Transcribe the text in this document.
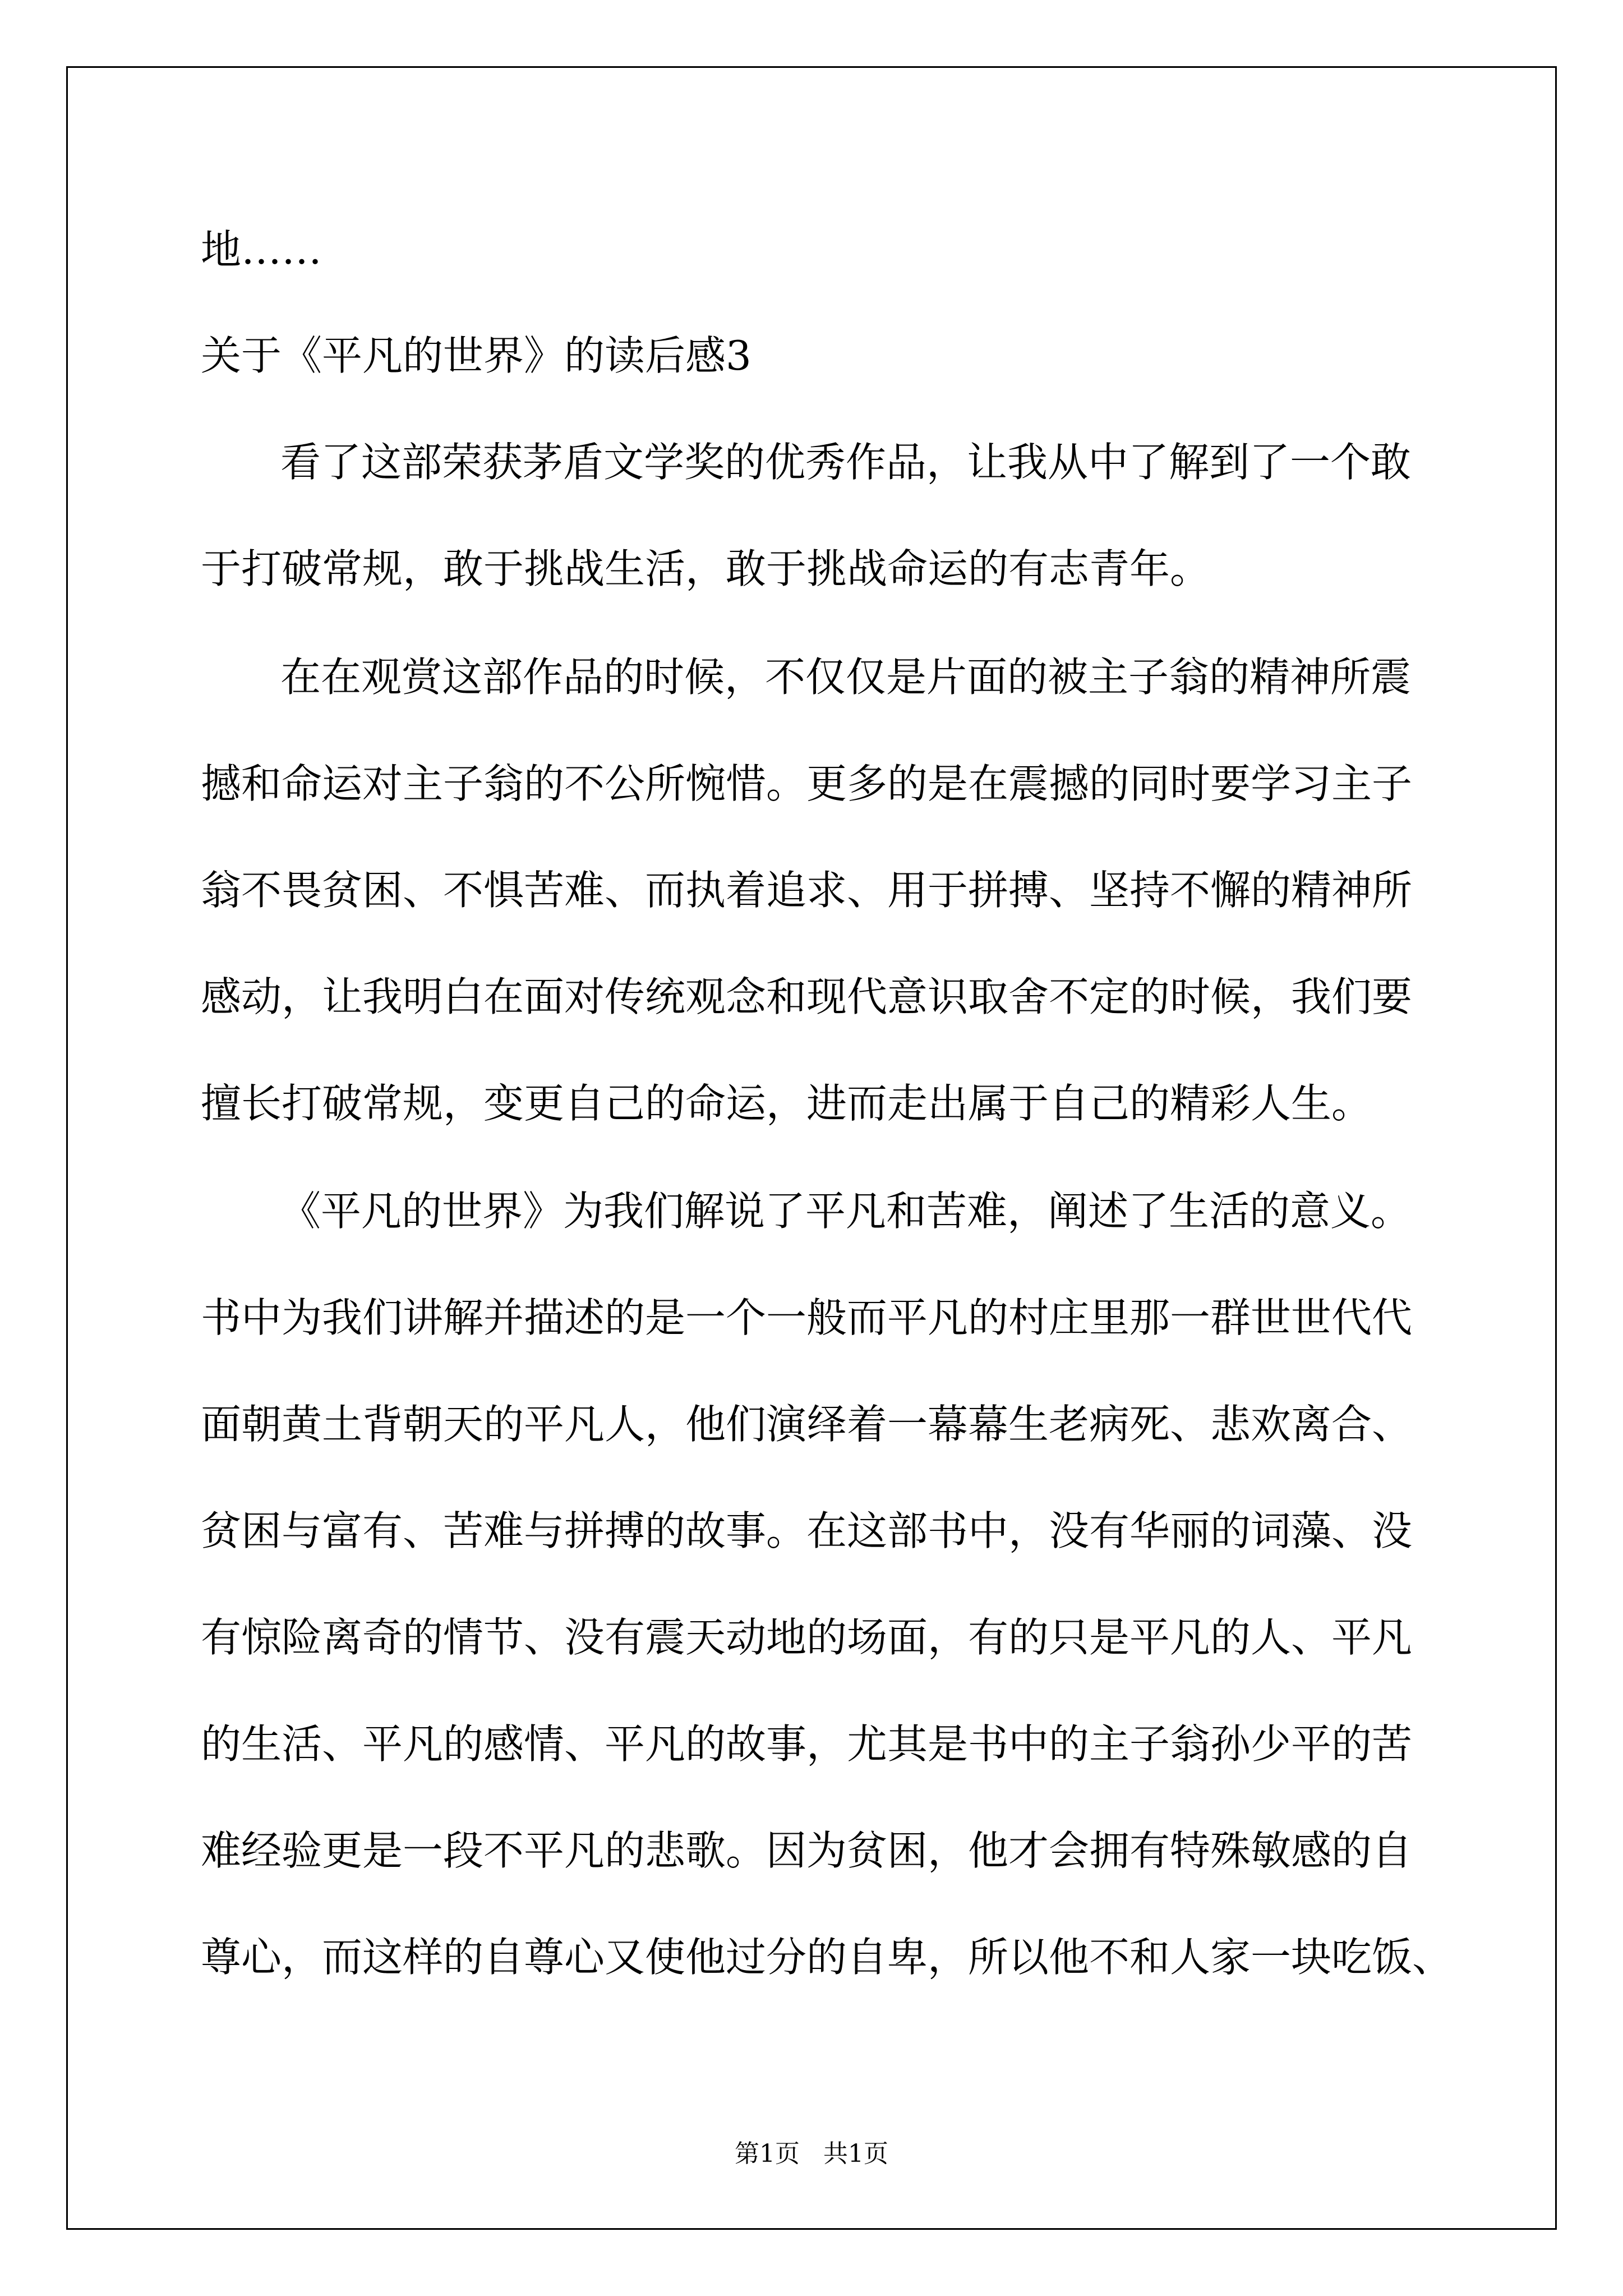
地……

关于《平凡的世界》的读后感3

看了这部荣获茅盾文学奖的优秀作品，让我从中了解到了一个敢

于打破常规，敢于挑战生活，敢于挑战命运的有志青年。

在在观赏这部作品的时候，不仅仅是片面的被主子翁的精神所震

撼和命运对主子翁的不公所惋惜。更多的是在震撼的同时要学习主子

翁不畏贫困、不惧苦难、而执着追求、用于拼搏、坚持不懈的精神所

感动，让我明白在面对传统观念和现代意识取舍不定的时候，我们要

擅长打破常规，变更自己的命运，进而走出属于自己的精彩人生。

《平凡的世界》为我们解说了平凡和苦难，阐述了生活的意义。

书中为我们讲解并描述的是一个一般而平凡的村庄里那一群世世代代

面朝黄土背朝天的平凡人，他们演绎着一幕幕生老病死、悲欢离合、

贫困与富有、苦难与拼搏的故事。在这部书中，没有华丽的词藻、没

有惊险离奇的情节、没有震天动地的场面，有的只是平凡的人、平凡

的生活、平凡的感情、平凡的故事，尤其是书中的主子翁孙少平的苦

难经验更是一段不平凡的悲歌。因为贫困，他才会拥有特殊敏感的自

尊心，而这样的自尊心又使他过分的自卑，所以他不和人家一块吃饭、

第1页 共1页
